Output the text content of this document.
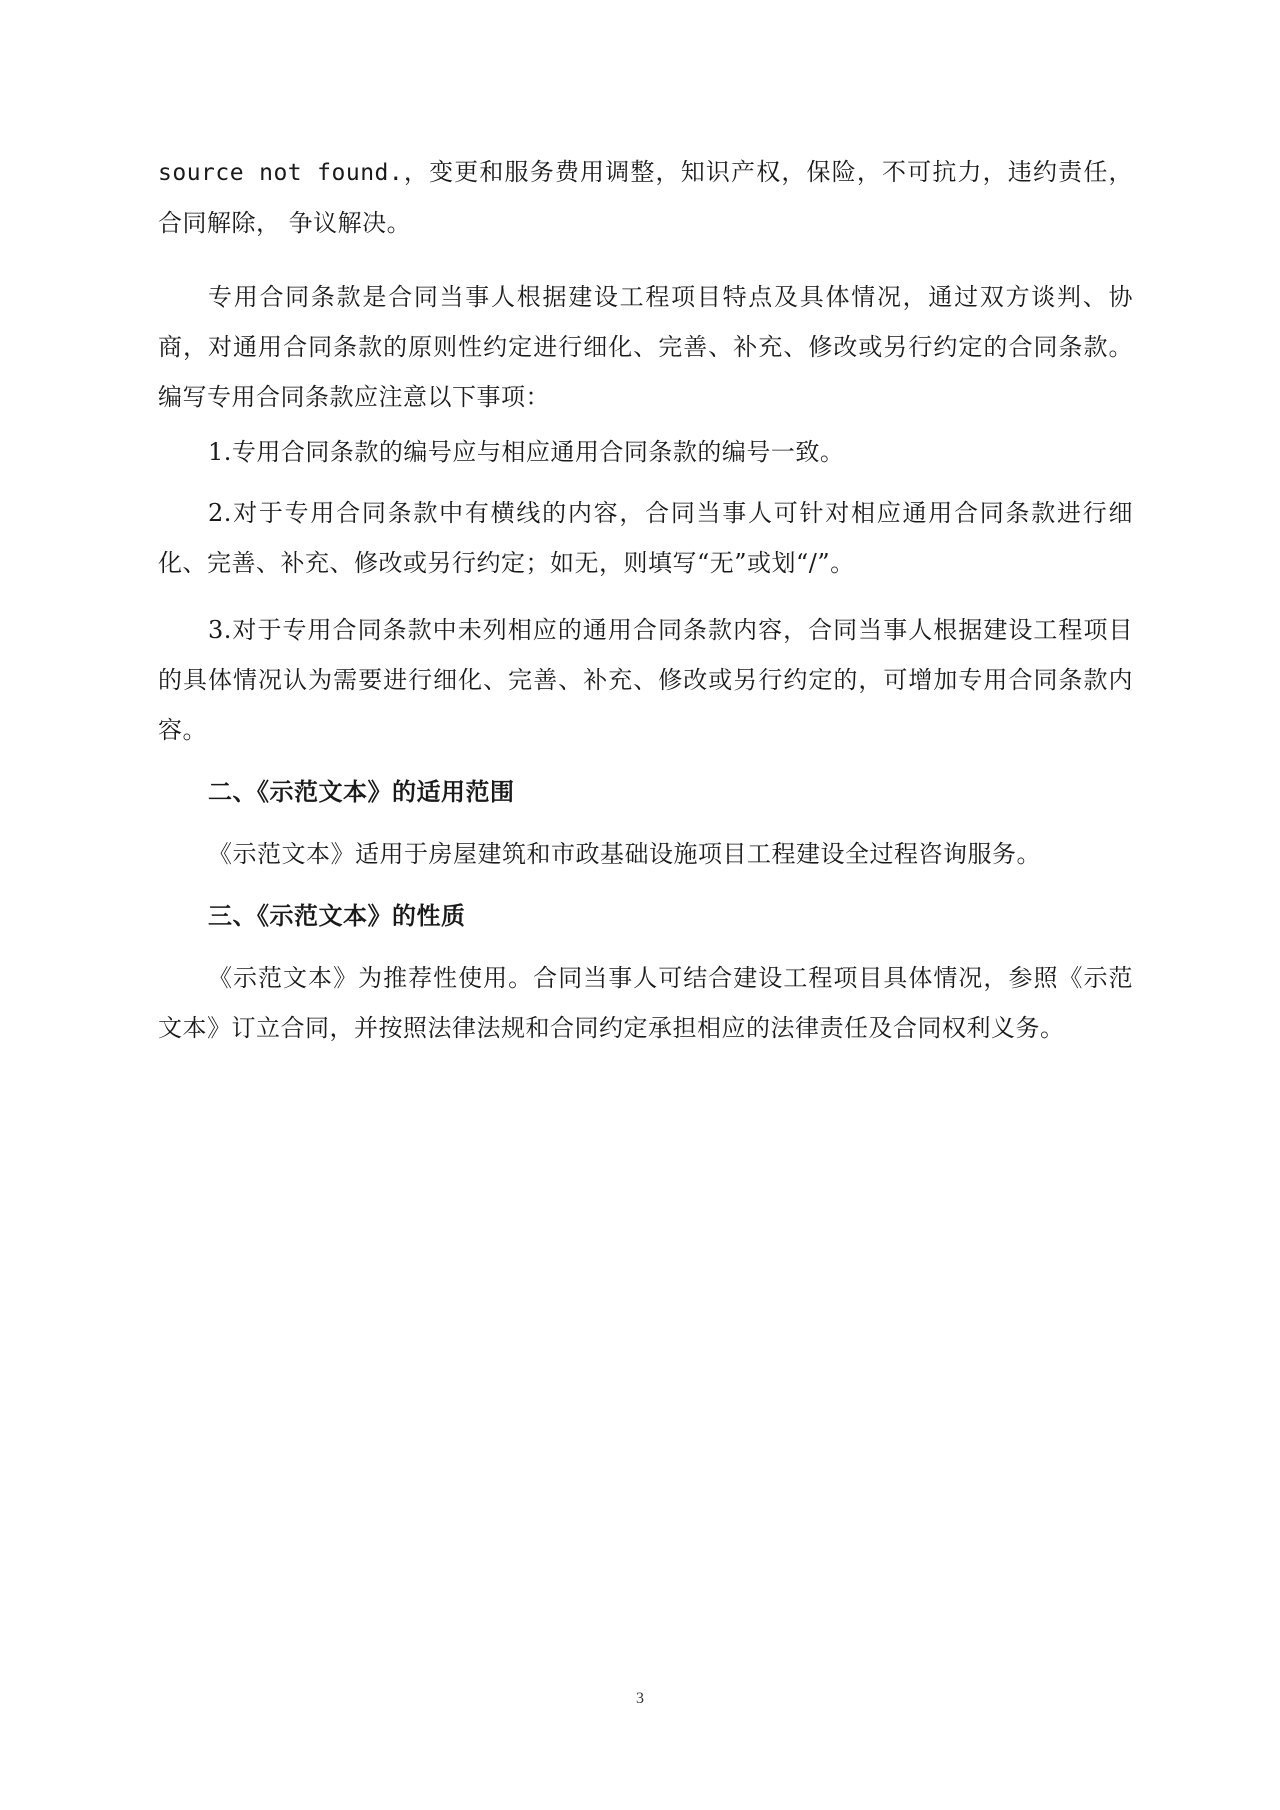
source not found.，变更和服务费用调整，知识产权，保险，不可抗力，违约责任，合同解除， 争议解决。

专用合同条款是合同当事人根据建设工程项目特点及具体情况，通过双方谈判、协商，对通用合同条款的原则性约定进行细化、完善、补充、修改或另行约定的合同条款。编写专用合同条款应注意以下事项：

1.专用合同条款的编号应与相应通用合同条款的编号一致。

2.对于专用合同条款中有横线的内容，合同当事人可针对相应通用合同条款进行细化、完善、补充、修改或另行约定；如无，则填写“无”或划“/”。

3.对于专用合同条款中未列相应的通用合同条款内容，合同当事人根据建设工程项目的具体情况认为需要进行细化、完善、补充、修改或另行约定的，可增加专用合同条款内容。

二、《示范文本》的适用范围

《示范文本》适用于房屋建筑和市政基础设施项目工程建设全过程咨询服务。

三、《示范文本》的性质

《示范文本》为推荐性使用。合同当事人可结合建设工程项目具体情况，参照《示范文本》订立合同，并按照法律法规和合同约定承担相应的法律责任及合同权利义务。

3
